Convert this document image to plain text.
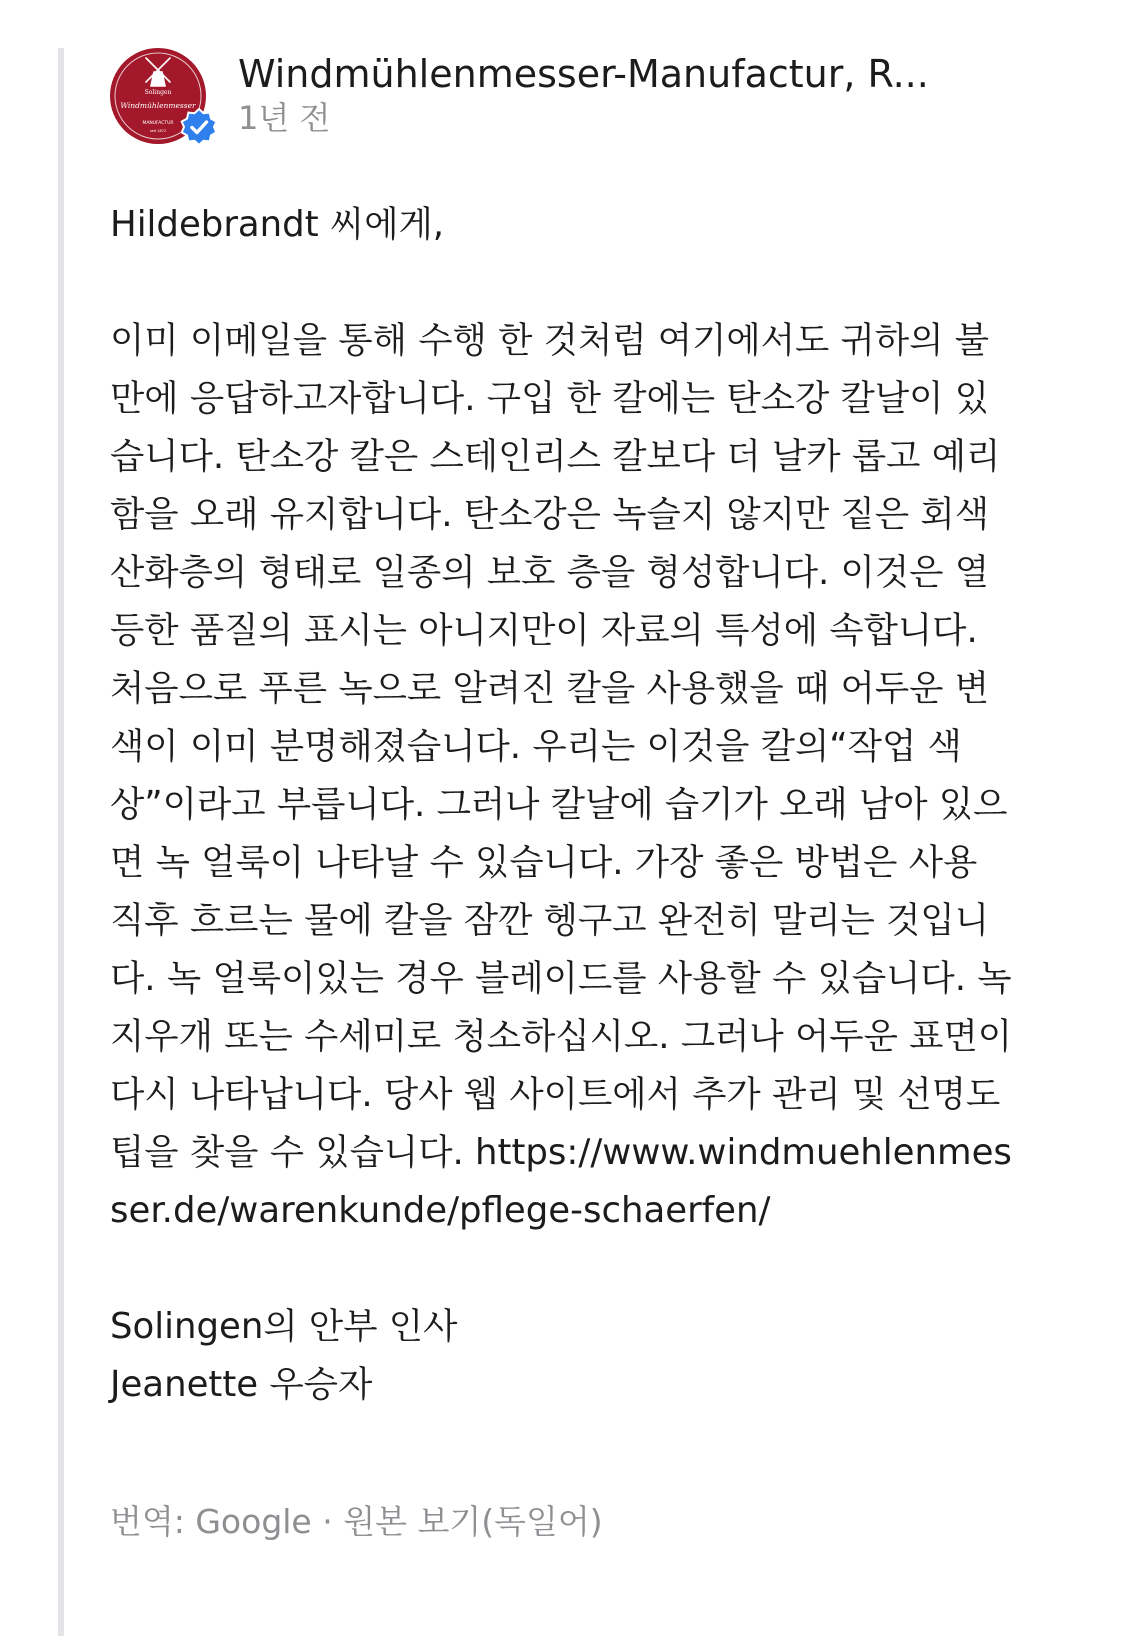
Solingen
Windmühlenmesser
MANUFACTUR
seit 1872
Windmühlenmesser-Manufactur, R...
1년 전

Hildebrandt 씨에게,

이미 이메일을 통해 수행 한 것처럼 여기에서도 귀하의 불만에 응답하고자합니다. 구입 한 칼에는 탄소강 칼날이 있습니다. 탄소강 칼은 스테인리스 칼보다 더 날카 롭고 예리함을 오래 유지합니다. 탄소강은 녹슬지 않지만 짙은 회색 산화층의 형태로 일종의 보호 층을 형성합니다. 이것은 열등한 품질의 표시는 아니지만이 자료의 특성에 속합니다. 처음으로 푸른 녹으로 알려진 칼을 사용했을 때 어두운 변색이 이미 분명해졌습니다. 우리는 이것을 칼의“작업 색상”이라고 부릅니다. 그러나 칼날에 습기가 오래 남아 있으면 녹 얼룩이 나타날 수 있습니다. 가장 좋은 방법은 사용 직후 흐르는 물에 칼을 잠깐 헹구고 완전히 말리는 것입니다. 녹 얼룩이있는 경우 블레이드를 사용할 수 있습니다. 녹 지우개 또는 수세미로 청소하십시오. 그러나 어두운 표면이 다시 나타납니다. 당사 웹 사이트에서 추가 관리 및 선명도 팁을 찾을 수 있습니다. https://www.windmuehlenmesser.de/warenkunde/pflege-schaerfen/

Solingen의 안부 인사

Jeanette 우승자

번역: Google · 원본 보기(독일어)
